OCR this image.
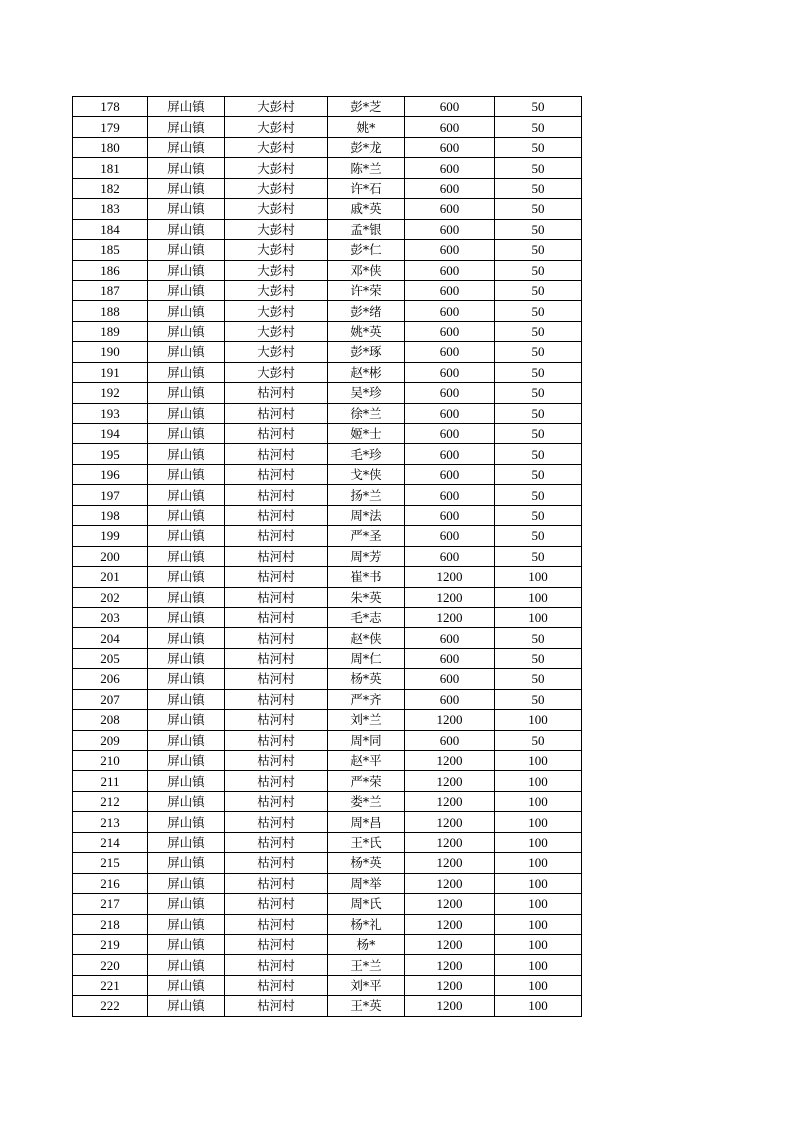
178	屏山镇	大彭村	彭*芝	600	50
179	屏山镇	大彭村	姚*	600	50
180	屏山镇	大彭村	彭*龙	600	50
181	屏山镇	大彭村	陈*兰	600	50
182	屏山镇	大彭村	许*石	600	50
183	屏山镇	大彭村	戚*英	600	50
184	屏山镇	大彭村	孟*银	600	50
185	屏山镇	大彭村	彭*仁	600	50
186	屏山镇	大彭村	邓*侠	600	50
187	屏山镇	大彭村	许*荣	600	50
188	屏山镇	大彭村	彭*绪	600	50
189	屏山镇	大彭村	姚*英	600	50
190	屏山镇	大彭村	彭*琢	600	50
191	屏山镇	大彭村	赵*彬	600	50
192	屏山镇	枯河村	吴*珍	600	50
193	屏山镇	枯河村	徐*兰	600	50
194	屏山镇	枯河村	姬*士	600	50
195	屏山镇	枯河村	毛*珍	600	50
196	屏山镇	枯河村	戈*侠	600	50
197	屏山镇	枯河村	扬*兰	600	50
198	屏山镇	枯河村	周*法	600	50
199	屏山镇	枯河村	严*圣	600	50
200	屏山镇	枯河村	周*芳	600	50
201	屏山镇	枯河村	崔*书	1200	100
202	屏山镇	枯河村	朱*英	1200	100
203	屏山镇	枯河村	毛*志	1200	100
204	屏山镇	枯河村	赵*侠	600	50
205	屏山镇	枯河村	周*仁	600	50
206	屏山镇	枯河村	杨*英	600	50
207	屏山镇	枯河村	严*齐	600	50
208	屏山镇	枯河村	刘*兰	1200	100
209	屏山镇	枯河村	周*同	600	50
210	屏山镇	枯河村	赵*平	1200	100
211	屏山镇	枯河村	严*荣	1200	100
212	屏山镇	枯河村	娄*兰	1200	100
213	屏山镇	枯河村	周*昌	1200	100
214	屏山镇	枯河村	王*氏	1200	100
215	屏山镇	枯河村	杨*英	1200	100
216	屏山镇	枯河村	周*举	1200	100
217	屏山镇	枯河村	周*氏	1200	100
218	屏山镇	枯河村	杨*礼	1200	100
219	屏山镇	枯河村	杨*	1200	100
220	屏山镇	枯河村	王*兰	1200	100
221	屏山镇	枯河村	刘*平	1200	100
222	屏山镇	枯河村	王*英	1200	100
